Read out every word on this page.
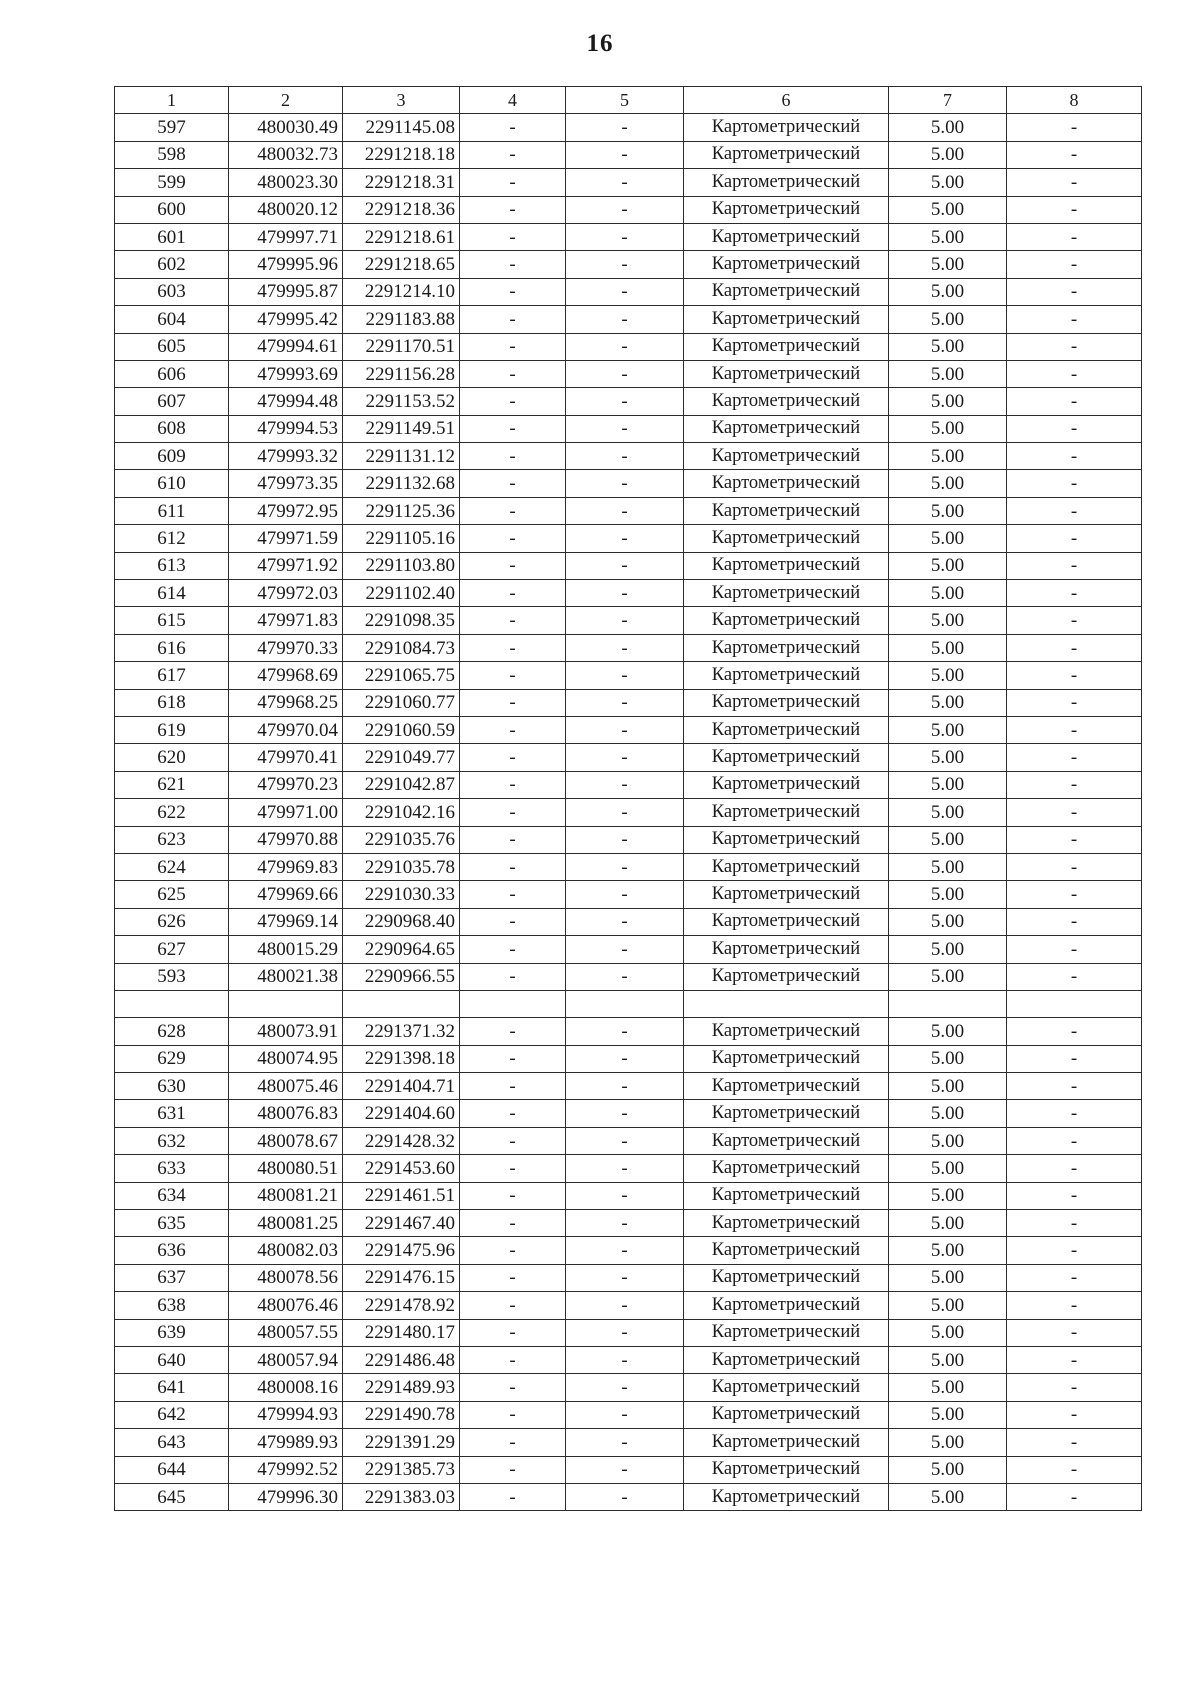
16
1	2	3	4	5	6	7	8
597	480030.49	2291145.08	-	-	Картометрический	5.00	-
598	480032.73	2291218.18	-	-	Картометрический	5.00	-
599	480023.30	2291218.31	-	-	Картометрический	5.00	-
600	480020.12	2291218.36	-	-	Картометрический	5.00	-
601	479997.71	2291218.61	-	-	Картометрический	5.00	-
602	479995.96	2291218.65	-	-	Картометрический	5.00	-
603	479995.87	2291214.10	-	-	Картометрический	5.00	-
604	479995.42	2291183.88	-	-	Картометрический	5.00	-
605	479994.61	2291170.51	-	-	Картометрический	5.00	-
606	479993.69	2291156.28	-	-	Картометрический	5.00	-
607	479994.48	2291153.52	-	-	Картометрический	5.00	-
608	479994.53	2291149.51	-	-	Картометрический	5.00	-
609	479993.32	2291131.12	-	-	Картометрический	5.00	-
610	479973.35	2291132.68	-	-	Картометрический	5.00	-
611	479972.95	2291125.36	-	-	Картометрический	5.00	-
612	479971.59	2291105.16	-	-	Картометрический	5.00	-
613	479971.92	2291103.80	-	-	Картометрический	5.00	-
614	479972.03	2291102.40	-	-	Картометрический	5.00	-
615	479971.83	2291098.35	-	-	Картометрический	5.00	-
616	479970.33	2291084.73	-	-	Картометрический	5.00	-
617	479968.69	2291065.75	-	-	Картометрический	5.00	-
618	479968.25	2291060.77	-	-	Картометрический	5.00	-
619	479970.04	2291060.59	-	-	Картометрический	5.00	-
620	479970.41	2291049.77	-	-	Картометрический	5.00	-
621	479970.23	2291042.87	-	-	Картометрический	5.00	-
622	479971.00	2291042.16	-	-	Картометрический	5.00	-
623	479970.88	2291035.76	-	-	Картометрический	5.00	-
624	479969.83	2291035.78	-	-	Картометрический	5.00	-
625	479969.66	2291030.33	-	-	Картометрический	5.00	-
626	479969.14	2290968.40	-	-	Картометрический	5.00	-
627	480015.29	2290964.65	-	-	Картометрический	5.00	-
593	480021.38	2290966.55	-	-	Картометрический	5.00	-

628	480073.91	2291371.32	-	-	Картометрический	5.00	-
629	480074.95	2291398.18	-	-	Картометрический	5.00	-
630	480075.46	2291404.71	-	-	Картометрический	5.00	-
631	480076.83	2291404.60	-	-	Картометрический	5.00	-
632	480078.67	2291428.32	-	-	Картометрический	5.00	-
633	480080.51	2291453.60	-	-	Картометрический	5.00	-
634	480081.21	2291461.51	-	-	Картометрический	5.00	-
635	480081.25	2291467.40	-	-	Картометрический	5.00	-
636	480082.03	2291475.96	-	-	Картометрический	5.00	-
637	480078.56	2291476.15	-	-	Картометрический	5.00	-
638	480076.46	2291478.92	-	-	Картометрический	5.00	-
639	480057.55	2291480.17	-	-	Картометрический	5.00	-
640	480057.94	2291486.48	-	-	Картометрический	5.00	-
641	480008.16	2291489.93	-	-	Картометрический	5.00	-
642	479994.93	2291490.78	-	-	Картометрический	5.00	-
643	479989.93	2291391.29	-	-	Картометрический	5.00	-
644	479992.52	2291385.73	-	-	Картометрический	5.00	-
645	479996.30	2291383.03	-	-	Картометрический	5.00	-
